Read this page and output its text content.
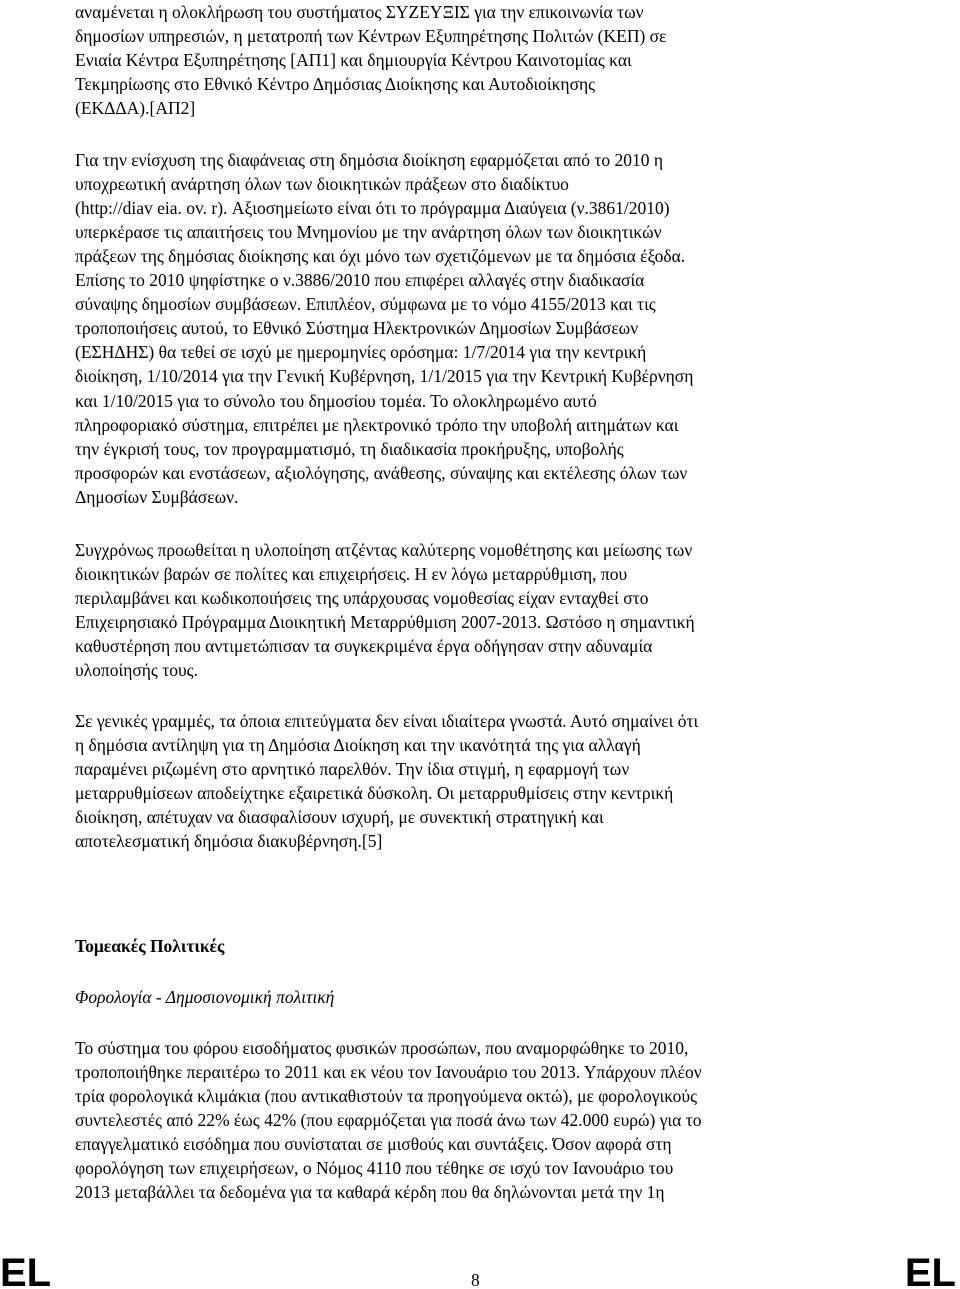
αναμένεται η ολοκλήρωση του συστήματος ΣΥΖΕΥΞΙΣ για την επικοινωνία των
δημοσίων υπηρεσιών, η μετατροπή των Κέντρων Εξυπηρέτησης Πολιτών (ΚΕΠ) σε
Ενιαία Κέντρα Εξυπηρέτησης [ΑΠ1] και δημιουργία Κέντρου Καινοτομίας και
Τεκμηρίωσης στο Εθνικό Κέντρο Δημόσιας Διοίκησης και Αυτοδιοίκησης
(ΕΚΔΔΑ).[ΑΠ2]
Για την ενίσχυση της διαφάνειας στη δημόσια διοίκηση εφαρμόζεται από το 2010 η
υποχρεωτική ανάρτηση όλων των διοικητικών πράξεων στο διαδίκτυο
(http://diav eia. ov. r). Αξιοσημείωτο είναι ότι το πρόγραμμα Διαύγεια (ν.3861/2010)
υπερκέρασε τις απαιτήσεις του Μνημονίου με την ανάρτηση όλων των διοικητικών
πράξεων της δημόσιας διοίκησης και όχι μόνο των σχετιζόμενων με τα δημόσια έξοδα.
Επίσης το 2010 ψηφίστηκε ο ν.3886/2010 που επιφέρει αλλαγές στην διαδικασία
σύναψης δημοσίων συμβάσεων. Επιπλέον, σύμφωνα με το νόμο 4155/2013 και τις
τροποποιήσεις αυτού, το Εθνικό Σύστημα Ηλεκτρονικών Δημοσίων Συμβάσεων
(ΕΣΗΔΗΣ) θα τεθεί σε ισχύ με ημερομηνίες ορόσημα: 1/7/2014 για την κεντρική
διοίκηση, 1/10/2014 για την Γενική Κυβέρνηση, 1/1/2015 για την Κεντρική Κυβέρνηση
και 1/10/2015 για το σύνολο του δημοσίου τομέα. Το ολοκληρωμένο αυτό
πληροφοριακό σύστημα, επιτρέπει με ηλεκτρονικό τρόπο την υποβολή αιτημάτων και
την έγκρισή τους, τον προγραμματισμό, τη διαδικασία προκήρυξης, υποβολής
προσφορών και ενστάσεων, αξιολόγησης, ανάθεσης, σύναψης και εκτέλεσης όλων των
Δημοσίων Συμβάσεων.
Συγχρόνως προωθείται η υλοποίηση ατζέντας καλύτερης νομοθέτησης και μείωσης των
διοικητικών βαρών σε πολίτες και επιχειρήσεις. Η εν λόγω μεταρρύθμιση, που
περιλαμβάνει και κωδικοποιήσεις της υπάρχουσας νομοθεσίας είχαν ενταχθεί στο
Επιχειρησιακό Πρόγραμμα Διοικητική Μεταρρύθμιση 2007-2013. Ωστόσο η σημαντική
καθυστέρηση που αντιμετώπισαν τα συγκεκριμένα έργα οδήγησαν στην αδυναμία
υλοποίησής τους.
Σε γενικές γραμμές, τα όποια επιτεύγματα δεν είναι ιδιαίτερα γνωστά. Αυτό σημαίνει ότι
η δημόσια αντίληψη για τη Δημόσια Διοίκηση και την ικανότητά της για αλλαγή
παραμένει ριζωμένη στο αρνητικό παρελθόν. Την ίδια στιγμή, η εφαρμογή των
μεταρρυθμίσεων αποδείχτηκε εξαιρετικά δύσκολη. Οι μεταρρυθμίσεις στην κεντρική
διοίκηση, απέτυχαν να διασφαλίσουν ισχυρή, με συνεκτική στρατηγική και
αποτελεσματική δημόσια διακυβέρνηση.[5]
Τομεακές Πολιτικές
Φορολογία - Δημοσιονομική πολιτική
Το σύστημα του φόρου εισοδήματος φυσικών προσώπων, που αναμορφώθηκε το 2010,
τροποποιήθηκε περαιτέρω το 2011 και εκ νέου τον Ιανουάριο του 2013. Υπάρχουν πλέον
τρία φορολογικά κλιμάκια (που αντικαθιστούν τα προηγούμενα οκτώ), με φορολογικούς
συντελεστές από 22% έως 42% (που εφαρμόζεται για ποσά άνω των 42.000 ευρώ) για το
επαγγελματικό εισόδημα που συνίσταται σε μισθούς και συντάξεις. Όσον αφορά στη
φορολόγηση των επιχειρήσεων, ο Νόμος 4110 που τέθηκε σε ισχύ τον Ιανουάριο του
2013 μεταβάλλει τα δεδομένα για τα καθαρά κέρδη που θα δηλώνονται μετά την 1η
EL	8	EL
